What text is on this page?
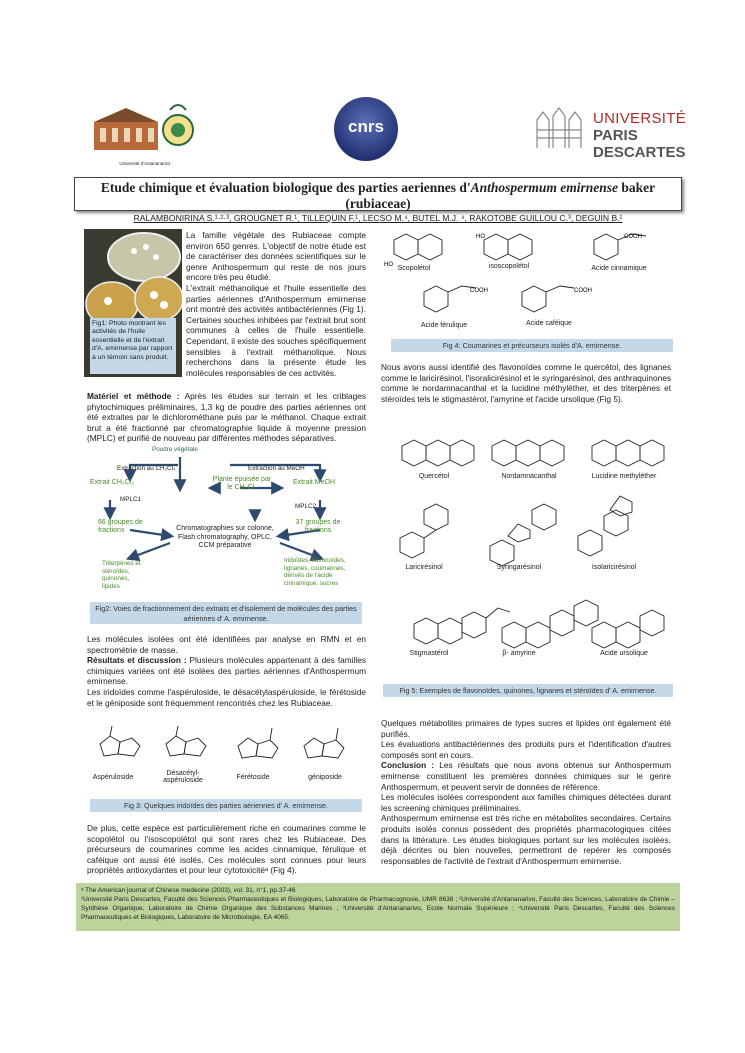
Université d'Antananarivo
cnrs	UNIVERSITÉ
PARIS DESCARTES
Etude chimique et évaluation biologique des parties aeriennes d'Anthospermum emirnense baker (rubiaceae)
RALAMBONIRINA S.¹·²·³, GROUGNET R.¹, TILLEQUIN F.¹, LECSO M.⁴, BUTEL M.J. ⁴, RAKOTOBE GUILLOU C.³, DEGUIN B.¹
Fig1: Photo montrant les activités de l'huile essentielle et de l'extrait d'A. emirnense par rapport à un témoin sans produit.

La famille végétale des Rubiaceae compte environ 650 genres. L'objectif de notre étude est de caractériser des données scientifiques sur le genre Anthospermum qui reste de nos jours encore très peu étudié.

L'extrait méthanolique et l'huile essentielle des parties aériennes d'Anthospermum emirnense ont montré des activités antibactériennes (Fig 1). Certaines souches inhibées par l'extrait brut sont communes à celles de l'huile essentielle. Cependant, il existe des souches spécifiquement sensibles à l'extrait méthanolique. Nous recherchons dans la présente étude les molécules responsables de ces activités.

Matériel et méthode : Après les études sur terrain et les criblages phytochimiques préliminaires, 1,3 kg de poudre des parties aériennes ont été extraites par le dichlorométhane puis par le méthanol. Chaque extrait brut a été fractionné par chromatographie liquide à moyenne pression (MPLC) et purifié de nouveau par différentes méthodes séparatives.

Poudre végétale
Extraction au CH₂Cl₂	Extraction au MeOH
Extrait CH₂Cl₂	Plante épuisée par le CH₂Cl₂
Extrait MeOH
MPLC1
MPLC2
66 groupes de fractions
37 groupes de fractions
Chromatographies sur colonne, Flash chromatography, OPLC, CCM préparative
Triterpènes et stéroïdes, quinones, lipides
Iridoïdes, flavonoïdes, lignanes, coumarines, dérivés de l'acide cinnamique, sucres
Fig2: Voies de fractionnement des extraits et d'isolement de molécules des parties aériennes d' A. emirnense.

Les molécules isolées ont été identifiées par analyse en RMN et en spectrométrie de masse.

Résultats et discussion : Plusieurs molécules appartenant à des familles chimiques variées ont été isolées des parties aériennes d'Anthospermum emirnense.

Les iridoïdes comme l'aspéruloside, le désacétylaspéruloside, le férétoside et le géniposide sont fréquemment rencontrés chez les Rubiaceae.

Aspéruloside
Désacétyl-aspéruloside	Férétoside	géniposide
Fig 3: Quelques iridoïdes des parties aériennes d' A. emirnense.

De plus, cette espèce est particulièrement riche en coumarines comme le scopolétol ou l'isoscopolétol qui sont rares chez les Rubiaceae. Des précurseurs de coumarines comme les acides cinnamique, férulique et caféique ont aussi été isolés. Ces molécules sont connues pour leurs propriétés antioxydantes et pour leur cytotoxicitéᵃ (Fig 4).

HO
HO	COOH
COOH	COOH
Scopolétol	isoscopolétol	Acide cinnamique
Acide férulique	Acide caféique
Fig 4: Coumarines et précurseurs isolés d'A. emirnense.

Nous avons aussi identifié des flavonoïdes comme le quercétol, des lignanes comme le laricirésinol, l'isoralicirésinol et le syringarésinol, des anthraquinones comme le nordamnacanthal et la lucidine méthyléther, et des triterpènes et stéroïdes tels le stigmastérol, l'amyrine et l'acide ursolique (Fig 5).

Quercétol	Nordamnacanthal	Lucidine methyléther
Laricirésinol	Syringarésinol	Isolaricirésinol
Stigmastérol	β- amyrine	Acide ursolique
Fig 5: Exemples de flavonoïdes, quinones, lignanes et stéroïdes d' A. emirnense.

Quelques métabolites primaires de types sucres et lipides ont également été purifiés.

Les évaluations antibactériennes des produits purs et l'identification d'autres composés sont en cours.

Conclusion : Les résultats que nous avons obtenus sur Anthospermum emirnense constituent les premières données chimiques sur le genre Anthospermum, et peuvent servir de données de référence.

Les molécules isolées correspondent aux familles chimiques détectées durant les screening chimiques préliminaires.

Anthospermum emirnense est très riche en métabolites secondaires. Certains produits isolés connus possèdent des propriétés pharmacologiques citées dans la littérature. Les études biologiques portant sur les molécules isolées, déjà décrites ou bien nouvelles, permettront de repérer les composés responsables de l'activité de l'extrait d'Anthospermum emirnense.

ᵃ The American journal of Chinese medecine (2003), vol. 31, n°1, pp.37-46
¹Université Paris Descartes, Faculté des Sciences Pharmaceutiques et Biologiques, Laboratoire de Pharmacognosie, UMR 8638 ; ²Université d'Antananarivo, Faculté des Sciences, Laboratoire de Chimie – Synthèse Organique, Laboratoire de Chimie Organique des Substances Marines ; ³Université d'Antananarivo, Ecole Normale Supérieure ; ⁴Université Paris Descartes, Faculté des Sciences Pharmaceutiques et Biologiques, Laboratoire de Microbiologie, EA 4065.
